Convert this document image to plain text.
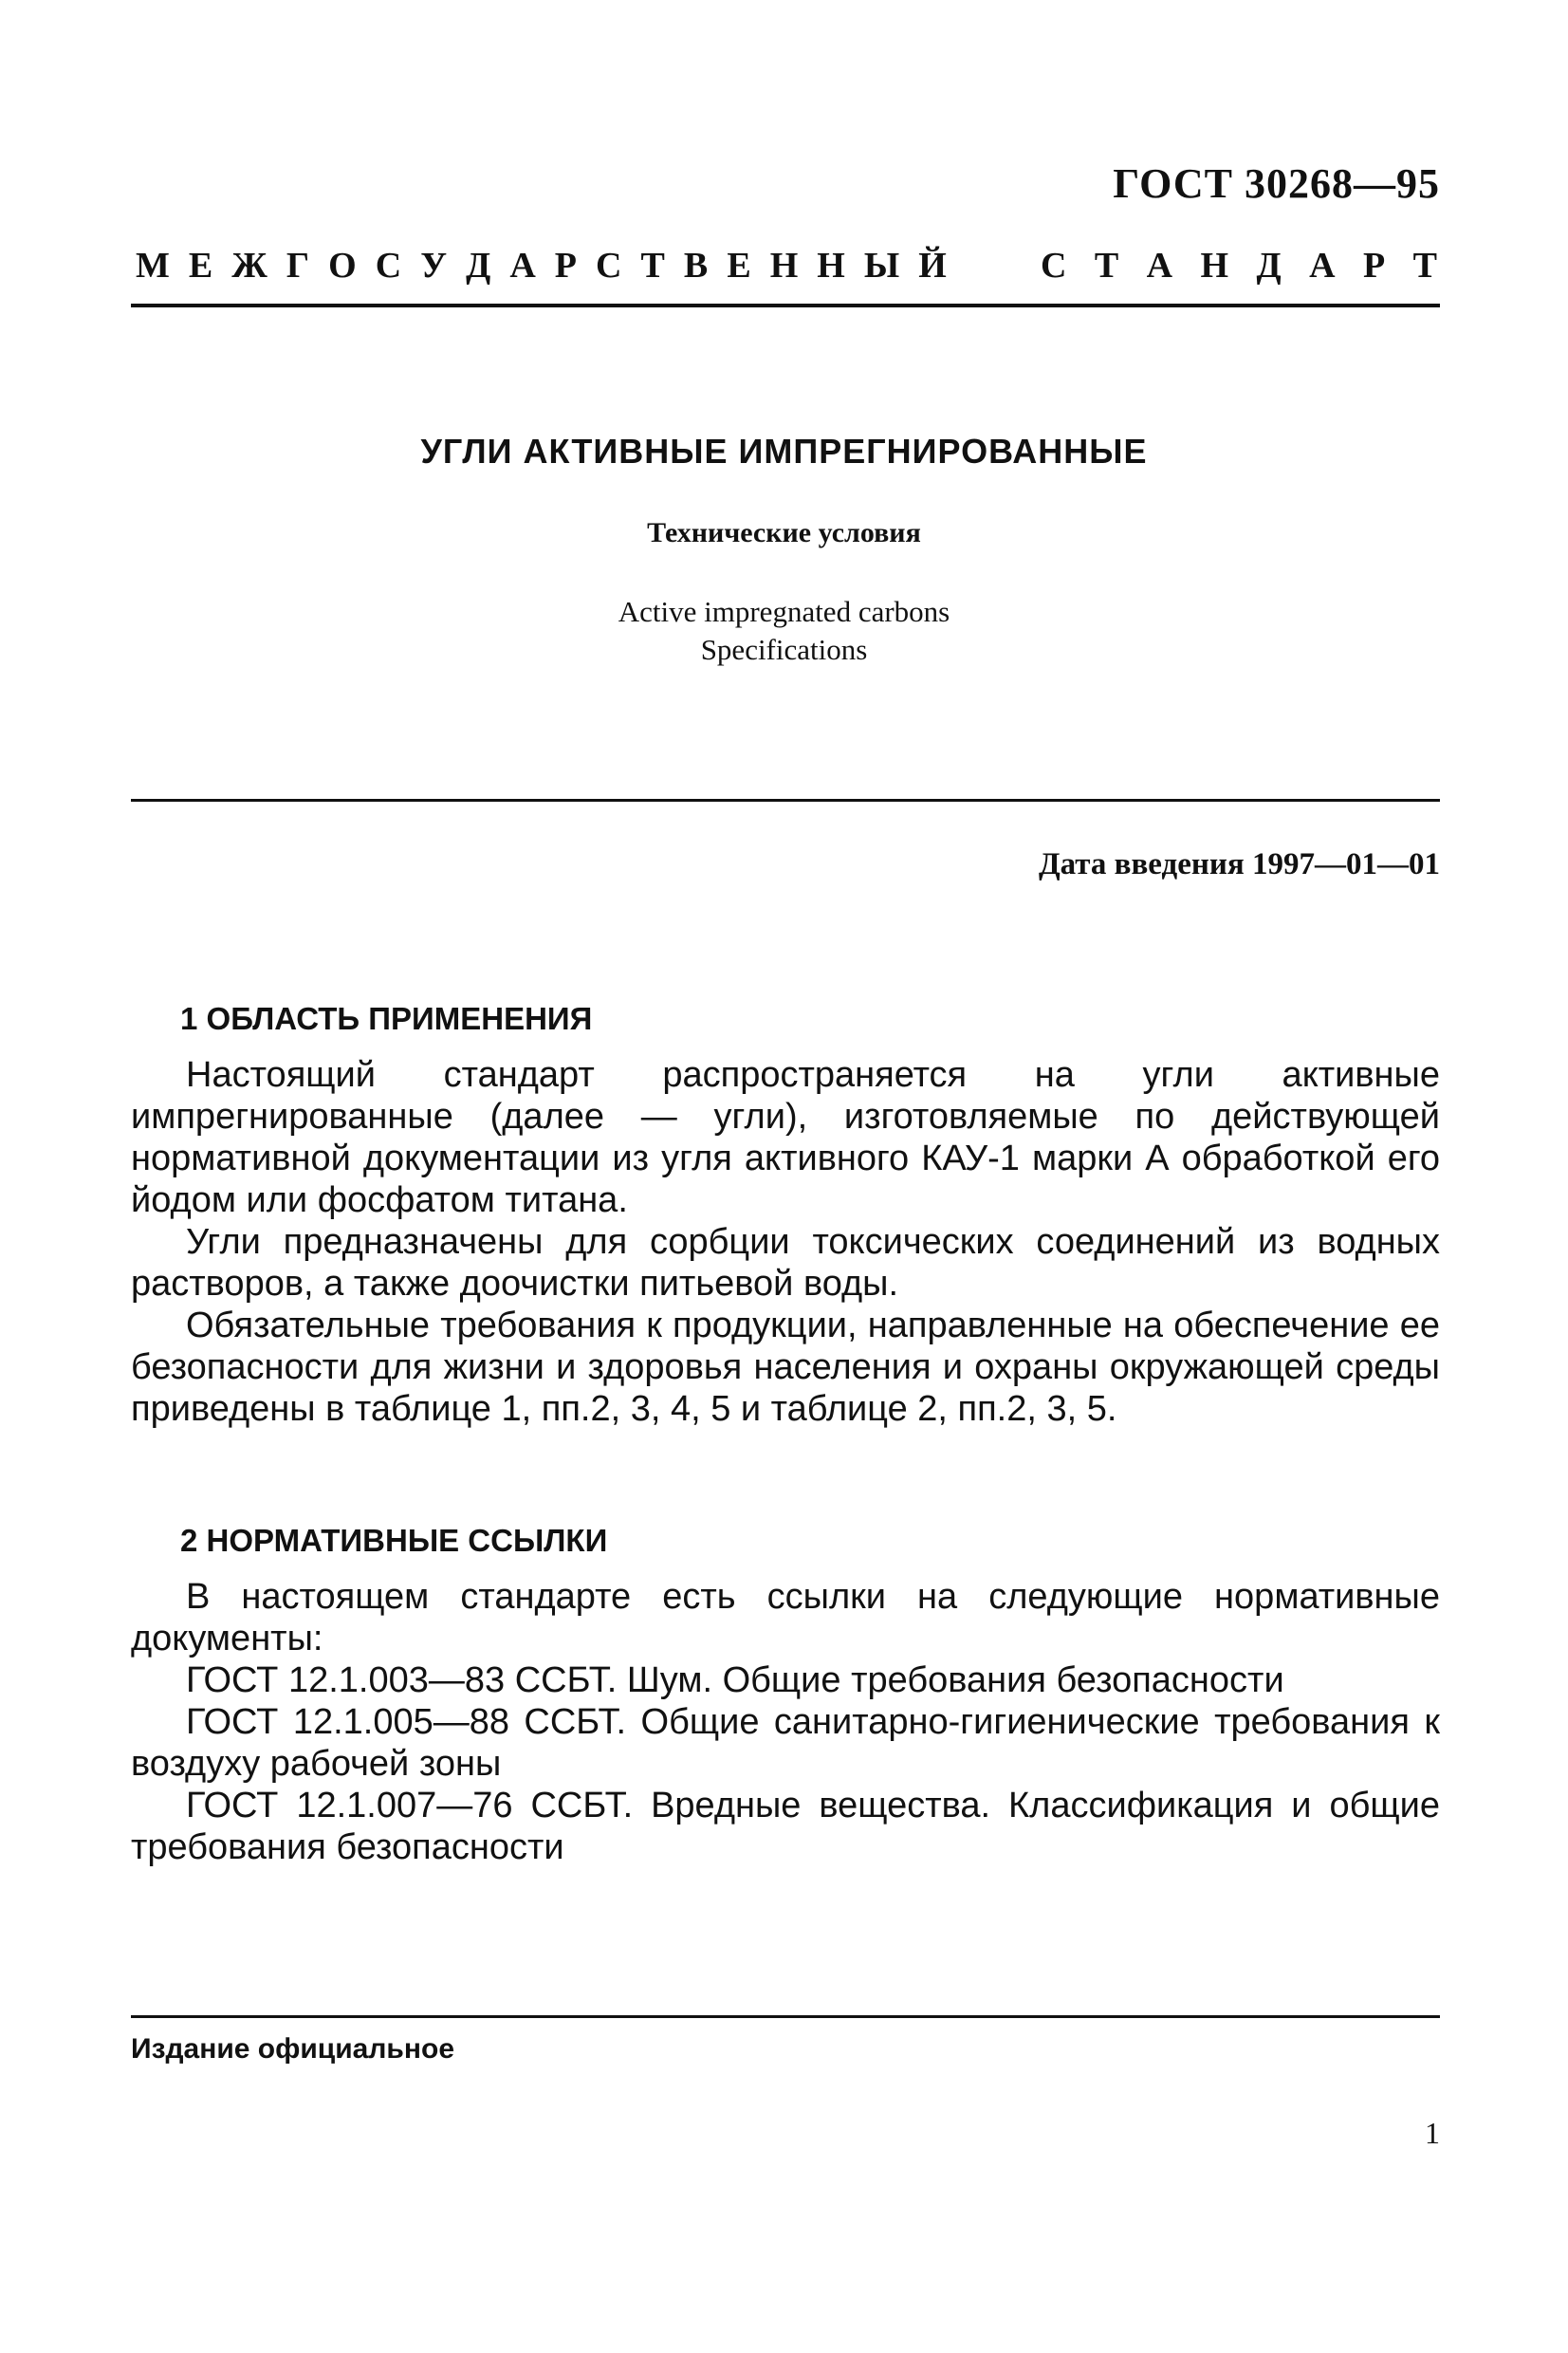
ГОСТ 30268—95
М Е Ж Г О С У Д А Р С Т В Е Н Н Ы Й	С Т А Н Д А Р Т
УГЛИ АКТИВНЫЕ ИМПРЕГНИРОВАННЫЕ
Технические условия
Active impregnated carbons
Specifications
Дата введения 1997—01—01
1 ОБЛАСТЬ ПРИМЕНЕНИЯ

Настоящий стандарт распространяется на угли активные импрегнированные (далее — угли), изготовляемые по действующей нормативной документации из угля активного КАУ-1 марки А обработкой его йодом или фосфатом титана.

Угли предназначены для сорбции токсических соединений из водных растворов, а также доочистки питьевой воды.

Обязательные требования к продукции, направленные на обеспечение ее безопасности для жизни и здоровья населения и охраны окружающей среды приведены в таблице 1, пп.2, 3, 4, 5 и таблице 2, пп.2, 3, 5.

2 НОРМАТИВНЫЕ ССЫЛКИ

В настоящем стандарте есть ссылки на следующие нормативные документы:

ГОСТ 12.1.003—83 ССБТ. Шум. Общие требования безопасности

ГОСТ 12.1.005—88 ССБТ. Общие санитарно-гигиенические требования к воздуху рабочей зоны

ГОСТ 12.1.007—76 ССБТ. Вредные вещества. Классификация и общие требования безопасности

Издание официальное
1
